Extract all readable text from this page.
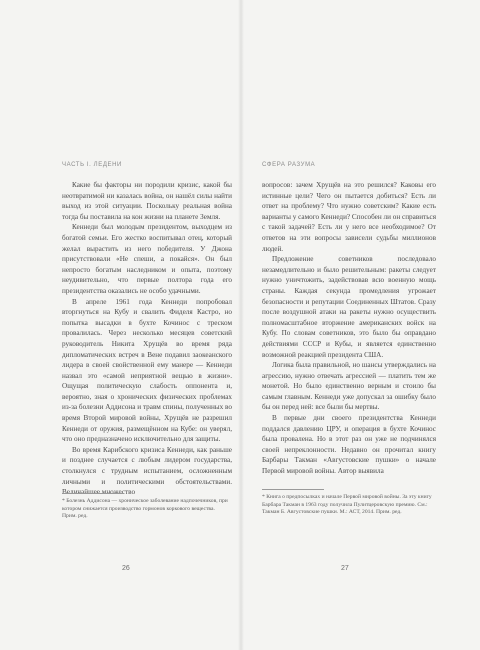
ЧАСТЬ І. ЛЕДЕНИ

Какие бы факторы ни породили кризис, какой бы неотвратимой ни казалась война, он нашёл силы найти выход из этой ситуации. Поскольку реальная война тогда бы поставила на кон жизни на планете Земля.

Кеннеди был молодым президентом, выходцем из богатой семьи. Его жестко воспитывал отец, который желал вырастить из него победителя. У Джона присутствовали «Не спеши, а покайся». Он был непросто богатым наследником и опыта, поэтому неудивительно, что первые полтора года его президентства оказались не особо удачными.

В апреле 1961 года Кеннеди попробовал вторгнуться на Кубу и свалить Фиделя Кастро, но попытка высадки в бухте Кочинос с треском провалилась. Через несколько месяцев советский руководитель Никита Хрущёв во время ряда дипломатических встреч в Вене подавил заокеанского лидера в своей свойственной ему манере — Кеннеди назвал это «самой неприятной вещью в жизни». Ощущая политическую слабость оппонента и, вероятно, зная о хронических физических проблемах из-за болезни Аддисона и травм спины, полученных во время Второй мировой войны, Хрущёв не разрешил Кеннеди от оружия, размещённом на Кубе: он уверял, что оно предназначено исключительно для защиты.

Во время Карибского кризиса Кеннеди, как раньше и позднее случается с любым лидером государства, столкнулся с трудным испытанием, осложненным личными и политическими обстоятельствами. Величайшее множество

* Болезнь Аддисона — хроническое заболевание надпочечников, при котором снижается производство гормонов коркового вещества. Прим. ред.
26
СФЕРА РАЗУМА

вопросов: зачем Хрущёв на это решился? Каковы его истинные цели? Чего он пытается добиться? Есть ли ответ на проблему? Что нужно советским? Какие есть варианты у самого Кеннеди? Способен ли он справиться с такой задачей? Есть ли у него все необходимое? От ответов на эти вопросы зависели судьбы миллионов людей.

Предложение советников последовало незамедлительно и было решительным: ракеты следует нужно уничтожить, задействовав всю военную мощь страны. Каждая секунда промедления угрожает безопасности и репутации Соединенных Штатов. Сразу после воздушной атаки на ракеты нужно осуществить полномасштабное вторжение американских войск на Кубу. По словам советников, это было бы оправдано действиями СССР и Кубы, и является единственно возможной реакцией президента США.

Логика была правильной, но шансы утверждались на агрессию, нужно отвечать агрессией — платить тем же монетой. Но было единственно верным и стоило бы самым главным. Кеннеди уже допускал за ошибку было бы он перед ней: все были бы мертвы.

В первые дни своего президентства Кеннеди поддался давлению ЦРУ, и операция в бухте Кочинос была провалена. Но в этот раз он уже не подчинялся своей непреклонности. Недавно он прочитал книгу Барбары Такман «Августовские пушки» о начале Первой мировой войны. Автор выявила

* Книга о предпосылках и начале Первой мировой войны. За эту книгу Барбара Такман в 1963 году получила Пулитцеровскую премию. См.: Такман Б. Августовские пушки. М.: АСТ, 2014. Прим. ред.
27
